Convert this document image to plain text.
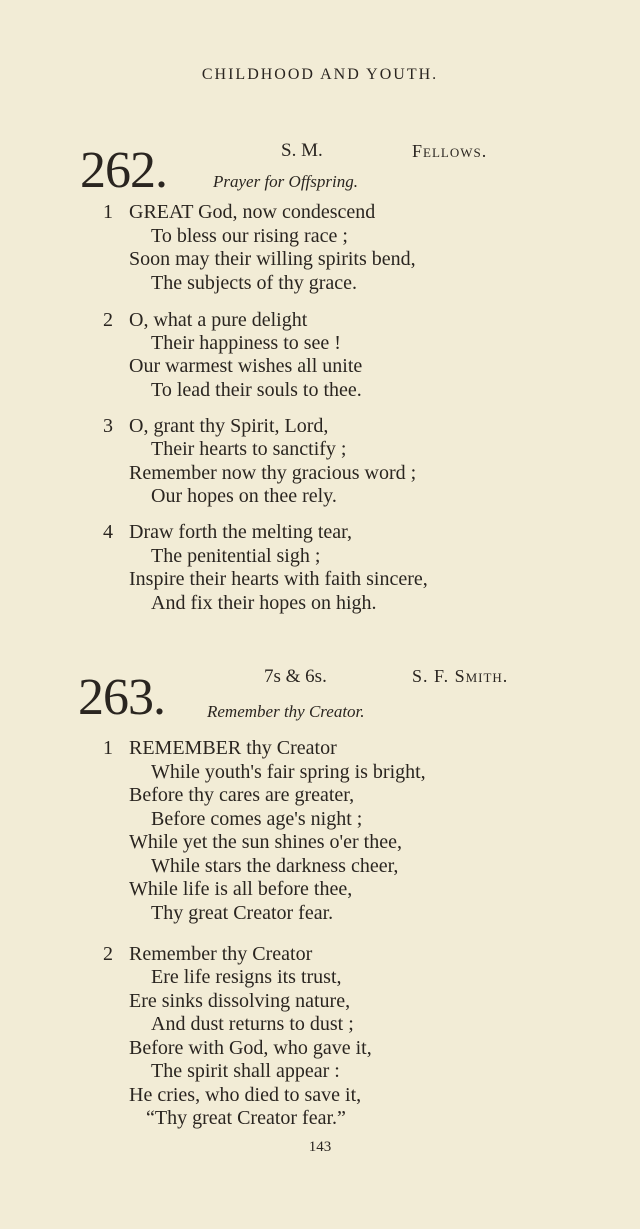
CHILDHOOD AND YOUTH.
262.	S. M.	Fellows.
Prayer for Offspring.
1 GREAT God, now condescend
To bless our rising race ;
Soon may their willing spirits bend,
The subjects of thy grace.
2 O, what a pure delight
Their happiness to see !
Our warmest wishes all unite
To lead their souls to thee.
3 O, grant thy Spirit, Lord,
Their hearts to sanctify ;
Remember now thy gracious word ;
Our hopes on thee rely.
4 Draw forth the melting tear,
The penitential sigh ;
Inspire their hearts with faith sincere,
And fix their hopes on high.
263.	7s & 6s.	S. F. Smith.
Remember thy Creator.
1 REMEMBER thy Creator
While youth's fair spring is bright,
Before thy cares are greater,
Before comes age's night ;
While yet the sun shines o'er thee,
While stars the darkness cheer,
While life is all before thee,
Thy great Creator fear.
2 Remember thy Creator
Ere life resigns its trust,
Ere sinks dissolving nature,
And dust returns to dust ;
Before with God, who gave it,
The spirit shall appear :
He cries, who died to save it,
“Thy great Creator fear.”
143
